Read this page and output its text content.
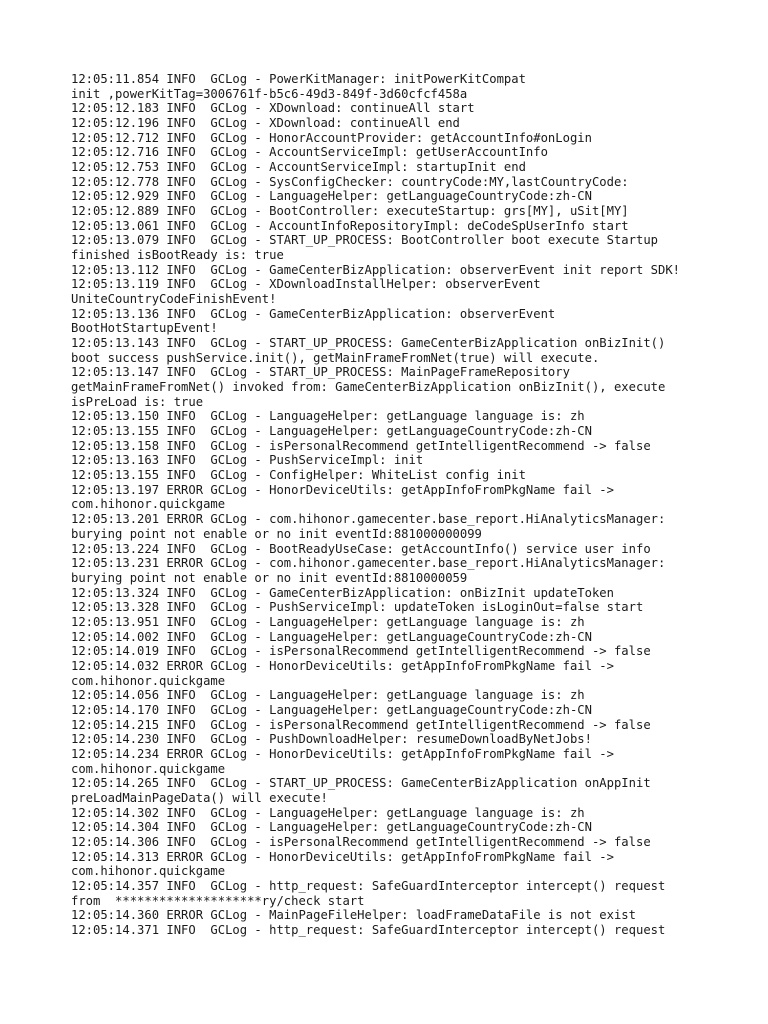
12:05:11.854 INFO  GCLog - PowerKitManager: initPowerKitCompat
init ,powerKitTag=3006761f-b5c6-49d3-849f-3d60cfcf458a
12:05:12.183 INFO  GCLog - XDownload: continueAll start
12:05:12.196 INFO  GCLog - XDownload: continueAll end
12:05:12.712 INFO  GCLog - HonorAccountProvider: getAccountInfo#onLogin
12:05:12.716 INFO  GCLog - AccountServiceImpl: getUserAccountInfo
12:05:12.753 INFO  GCLog - AccountServiceImpl: startupInit end
12:05:12.778 INFO  GCLog - SysConfigChecker: countryCode:MY,lastCountryCode:
12:05:12.929 INFO  GCLog - LanguageHelper: getLanguageCountryCode:zh-CN
12:05:12.889 INFO  GCLog - BootController: executeStartup: grs[MY], uSit[MY]
12:05:13.061 INFO  GCLog - AccountInfoRepositoryImpl: deCodeSpUserInfo start
12:05:13.079 INFO  GCLog - START_UP_PROCESS: BootController boot execute Startup
finished isBootReady is: true
12:05:13.112 INFO  GCLog - GameCenterBizApplication: observerEvent init report SDK!
12:05:13.119 INFO  GCLog - XDownloadInstallHelper: observerEvent
UniteCountryCodeFinishEvent!
12:05:13.136 INFO  GCLog - GameCenterBizApplication: observerEvent
BootHotStartupEvent!
12:05:13.143 INFO  GCLog - START_UP_PROCESS: GameCenterBizApplication onBizInit()
boot success pushService.init(), getMainFrameFromNet(true) will execute.
12:05:13.147 INFO  GCLog - START_UP_PROCESS: MainPageFrameRepository
getMainFrameFromNet() invoked from: GameCenterBizApplication onBizInit(), execute
isPreLoad is: true
12:05:13.150 INFO  GCLog - LanguageHelper: getLanguage language is: zh
12:05:13.155 INFO  GCLog - LanguageHelper: getLanguageCountryCode:zh-CN
12:05:13.158 INFO  GCLog - isPersonalRecommend getIntelligentRecommend -> false
12:05:13.163 INFO  GCLog - PushServiceImpl: init
12:05:13.155 INFO  GCLog - ConfigHelper: WhiteList config init
12:05:13.197 ERROR GCLog - HonorDeviceUtils: getAppInfoFromPkgName fail ->
com.hihonor.quickgame
12:05:13.201 ERROR GCLog - com.hihonor.gamecenter.base_report.HiAnalyticsManager:
burying point not enable or no init eventId:881000000099
12:05:13.224 INFO  GCLog - BootReadyUseCase: getAccountInfo() service user info
12:05:13.231 ERROR GCLog - com.hihonor.gamecenter.base_report.HiAnalyticsManager:
burying point not enable or no init eventId:8810000059
12:05:13.324 INFO  GCLog - GameCenterBizApplication: onBizInit updateToken
12:05:13.328 INFO  GCLog - PushServiceImpl: updateToken isLoginOut=false start
12:05:13.951 INFO  GCLog - LanguageHelper: getLanguage language is: zh
12:05:14.002 INFO  GCLog - LanguageHelper: getLanguageCountryCode:zh-CN
12:05:14.019 INFO  GCLog - isPersonalRecommend getIntelligentRecommend -> false
12:05:14.032 ERROR GCLog - HonorDeviceUtils: getAppInfoFromPkgName fail ->
com.hihonor.quickgame
12:05:14.056 INFO  GCLog - LanguageHelper: getLanguage language is: zh
12:05:14.170 INFO  GCLog - LanguageHelper: getLanguageCountryCode:zh-CN
12:05:14.215 INFO  GCLog - isPersonalRecommend getIntelligentRecommend -> false
12:05:14.230 INFO  GCLog - PushDownloadHelper: resumeDownloadByNetJobs!
12:05:14.234 ERROR GCLog - HonorDeviceUtils: getAppInfoFromPkgName fail ->
com.hihonor.quickgame
12:05:14.265 INFO  GCLog - START_UP_PROCESS: GameCenterBizApplication onAppInit
preLoadMainPageData() will execute!
12:05:14.302 INFO  GCLog - LanguageHelper: getLanguage language is: zh
12:05:14.304 INFO  GCLog - LanguageHelper: getLanguageCountryCode:zh-CN
12:05:14.306 INFO  GCLog - isPersonalRecommend getIntelligentRecommend -> false
12:05:14.313 ERROR GCLog - HonorDeviceUtils: getAppInfoFromPkgName fail ->
com.hihonor.quickgame
12:05:14.357 INFO  GCLog - http_request: SafeGuardInterceptor intercept() request
from  ********************ry/check start
12:05:14.360 ERROR GCLog - MainPageFileHelper: loadFrameDataFile is not exist
12:05:14.371 INFO  GCLog - http_request: SafeGuardInterceptor intercept() request
